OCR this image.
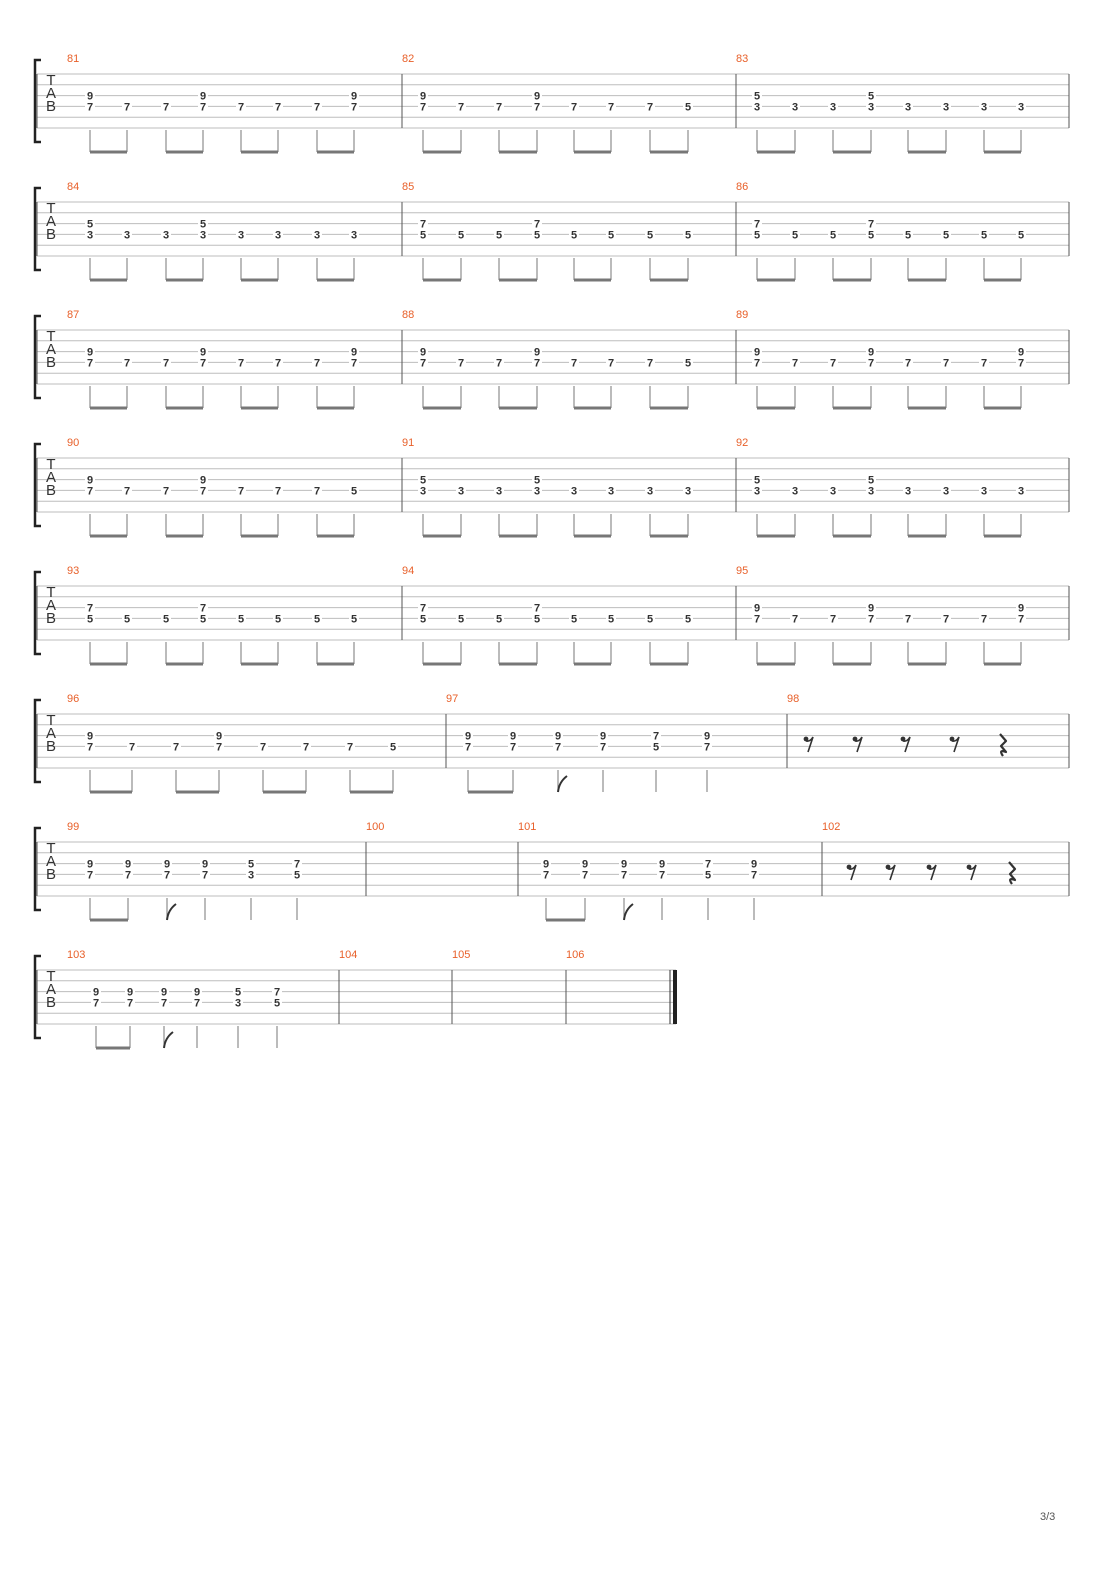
T
A
B
81
9
7	7	7
9
7	7	7	7
9
7
82
9
7	7	7
9
7	7	7	7	5
83
5
3	3	3
5
3	3	3	3	3
T
A
B
84
5
3	3	3
5
3	3	3	3	3
85
7
5	5	5
7
5	5	5	5	5
86
7
5	5	5
7
5	5	5	5	5
T
A
B
87
9
7	7	7
9
7	7	7	7
9
7
88
9
7	7	7
9
7	7	7	7	5
89
9
7	7	7
9
7	7	7	7
9
7
T
A
B
90
9
7	7	7
9
7	7	7	7	5
91
5
3	3	3
5
3	3	3	3	3
92
5
3	3	3
5
3	3	3	3	3
T
A
B
93
7
5	5	5
7
5	5	5	5	5
94
7
5	5	5
7
5	5	5	5	5
95
9
7	7	7
9
7	7	7	7
9
7
T
A
B
96
9
7	7	7
9
7	7	7	7	5
97
9
7
9
7
9
7
9
7
7
5
9
7
98
T
A
B
99
9
7
9
7
9
7
9
7
5
3
7
5
100	101
9
7
9
7
9
7
9
7
7
5
9
7
102
T
A
B
103
9
7
9
7
9
7
9
7
5
3
7
5
104	105	106
3/3
